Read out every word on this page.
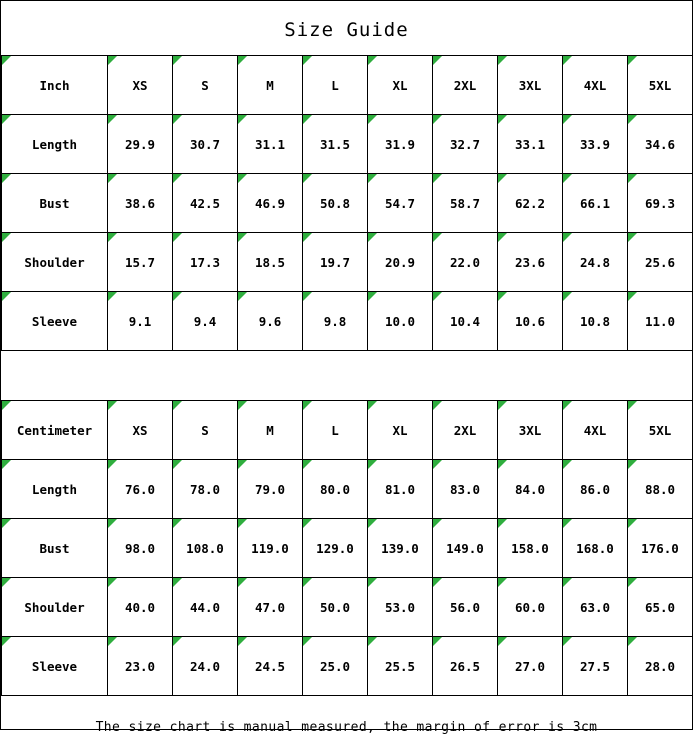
Size Guide
Inch	XS	S	M	L	XL	2XL	3XL	4XL	5XL
Length	29.9	30.7	31.1	31.5	31.9	32.7	33.1	33.9	34.6
Bust	38.6	42.5	46.9	50.8	54.7	58.7	62.2	66.1	69.3
Shoulder	15.7	17.3	18.5	19.7	20.9	22.0	23.6	24.8	25.6
Sleeve	9.1	9.4	9.6	9.8	10.0	10.4	10.6	10.8	11.0
Centimeter	XS	S	M	L	XL	2XL	3XL	4XL	5XL
Length	76.0	78.0	79.0	80.0	81.0	83.0	84.0	86.0	88.0
Bust	98.0	108.0	119.0	129.0	139.0	149.0	158.0	168.0	176.0
Shoulder	40.0	44.0	47.0	50.0	53.0	56.0	60.0	63.0	65.0
Sleeve	23.0	24.0	24.5	25.0	25.5	26.5	27.0	27.5	28.0
The size chart is manual measured, the margin of error is 3cm
